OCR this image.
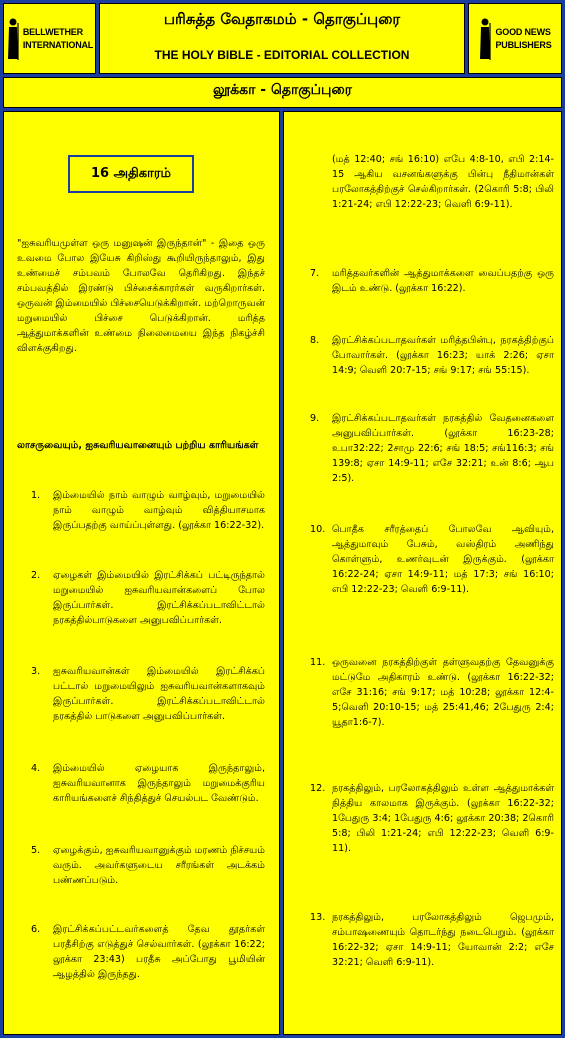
BELLWETHER
INTERNATIONAL
பரிசுத்த வேதாகமம் - தொகுப்புரை
THE HOLY BIBLE - EDITORIAL COLLECTION
GOOD NEWS
PUBLISHERS
லூக்கா - தொகுப்புரை
16 அதிகாரம்
"ஐசுவரியமுள்ள ஒரு மனுஷன் இருந்தான்" - இதை ஒரு உவமை போல இயேசு கிறிஸ்து கூறியிருந்தாலும், இது உண்மைச் சம்பவம் போலவே தெரிகிறது. இந்தச் சம்பவத்தில் இரண்டு பிச்சைக்காரர்கள் வருகிறார்கள். ஒருவன் இம்மையில் பிச்சையெடுக்கிறான். மற்றொருவன் மறுமையில் பிச்சை பெடுக்கிறான். மரித்த ஆத்துமாக்களின் உண்மை நிலைமையை இந்த நிகழ்ச்சி விளக்குகிறது.
லாசருவையும், ஐசுவரியவானையும் பற்றிய காரியங்கள்
1.	இம்மையில் நாம் வாழும் வாழ்வும், மறுமையில் நாம் வாழும் வாழ்வும் வித்தியாசமாக இருப்பதற்கு வாய்ப்புள்ளது. (லூக்கா 16:22-32).
2.	ஏழைகள் இம்மையில் இரட்சிக்கப் பட்டிருந்தால் மறுமையில் ஐசுவரியவான்களைப் போல இருப்பார்கள். இரட்சிக்கப்படாவிட்டால் நரகத்தில்பாடுகளை அனுபவிப்பார்கள்.
3.	ஐசுவரியவான்கள் இம்மையில் இரட்சிக்கப் பட்டால் மறுமையிலும் ஐசுவரியவான்களாகவும் இருப்பார்கள். இரட்சிக்கப்படாவிட்டால் நரகத்தில் பாடுகளை அனுபவிப்பார்கள்.
4.	இம்மையில் ஏழையாக இருந்தாலும், ஐசுவரியவானாக இருந்தாலும் மறுமைக்குரிய காரியங்களைச் சிந்தித்துச் செயல்பட வேண்டும்.
5.	ஏழைக்கும், ஐசுவரியவானுக்கும் மரணம் நிச்சயம் வரும். அவர்களுடைய சரீரங்கள் அடக்கம் பண்ணப்படும்.
6.	இரட்சிக்கப்பட்டவர்களைத் தேவ தூதர்கள் பரதீசிற்கு எடுத்துச் செல்வார்கள். (லூக்கா 16:22; லூக்கா 23:43) பரதீசு அப்போது பூமியின் ஆழத்தில் இருந்தது.
(மத் 12:40; சங் 16:10) எபே 4:8-10, எபி 2:14-15 ஆகிய வசனங்களுக்கு பின்பு நீதிமான்கள் பரலோகத்திற்குச் செல்கிறார்கள். (2கொரி 5:8; பிலி 1:21-24; எபி 12:22-23; வெளி 6:9-11).
7.	மரித்தவர்களின் ஆத்துமாக்களை வைப்பதற்கு ஒரு இடம் உண்டு. (லூக்கா 16:22).
8.	இரட்சிக்கப்படாதவர்கள் மரித்தபின்பு, நரகத்திற்குப் போவார்கள். (லூக்கா 16:23; யாக் 2:26; ஏசா 14:9; வெளி 20:7-15; சங் 9:17; சங் 55:15).
9.	இரட்சிக்கப்படாதவர்கள் நரகத்தில் வேதனைகளை அனுபவிப்பார்கள். (லூக்கா 16:23-28; உபா32:22; 2சாமு 22:6; சங் 18:5; சங்116:3; சங் 139:8; ஏசா 14:9-11; எசே 32:21; உன் 8:6; ஆப 2:5).
10. பொதீக சரீரத்தைப் போலவே ஆவியும், ஆத்துமாவும் பேசும், வஸ்திரம் அணிந்து கொள்ளும், உணர்வுடன் இருக்கும். (லூக்கா 16:22-24; ஏசா 14:9-11; மத் 17:3; சங் 16:10; எபி 12:22-23; வெளி 6:9-11).
11. ஒருவனை நரகத்திற்குள் தள்ளுவதற்கு தேவனுக்கு மட்டுமே அதிகாரம் உண்டு. (லூக்கா 16:22-32; எசே 31:16; சங் 9:17; மத் 10:28; லூக்கா 12:4-5;வெளி 20:10-15; மத் 25:41,46; 2பேதுரு 2:4; யூதா1:6-7).
12. நரகத்திலும், பரலோகத்திலும் உள்ள ஆத்துமாக்கள் நித்திய காலமாக இருக்கும். (லூக்கா 16:22-32; 1பேதுரு 3:4; 1பேதுரு 4:6; லூக்கா 20:38; 2கொரி 5:8; பிலி 1:21-24; எபி 12:22-23; வெளி 6:9-11).
13. நரகத்திலும், பரலோகத்திலும் ஜெபமும், சம்பாஷணையும் தொடர்ந்து நடைபெறும். (லூக்கா 16:22-32; ஏசா 14:9-11; யோவான் 2:2; எசே 32:21; வெளி 6:9-11).
